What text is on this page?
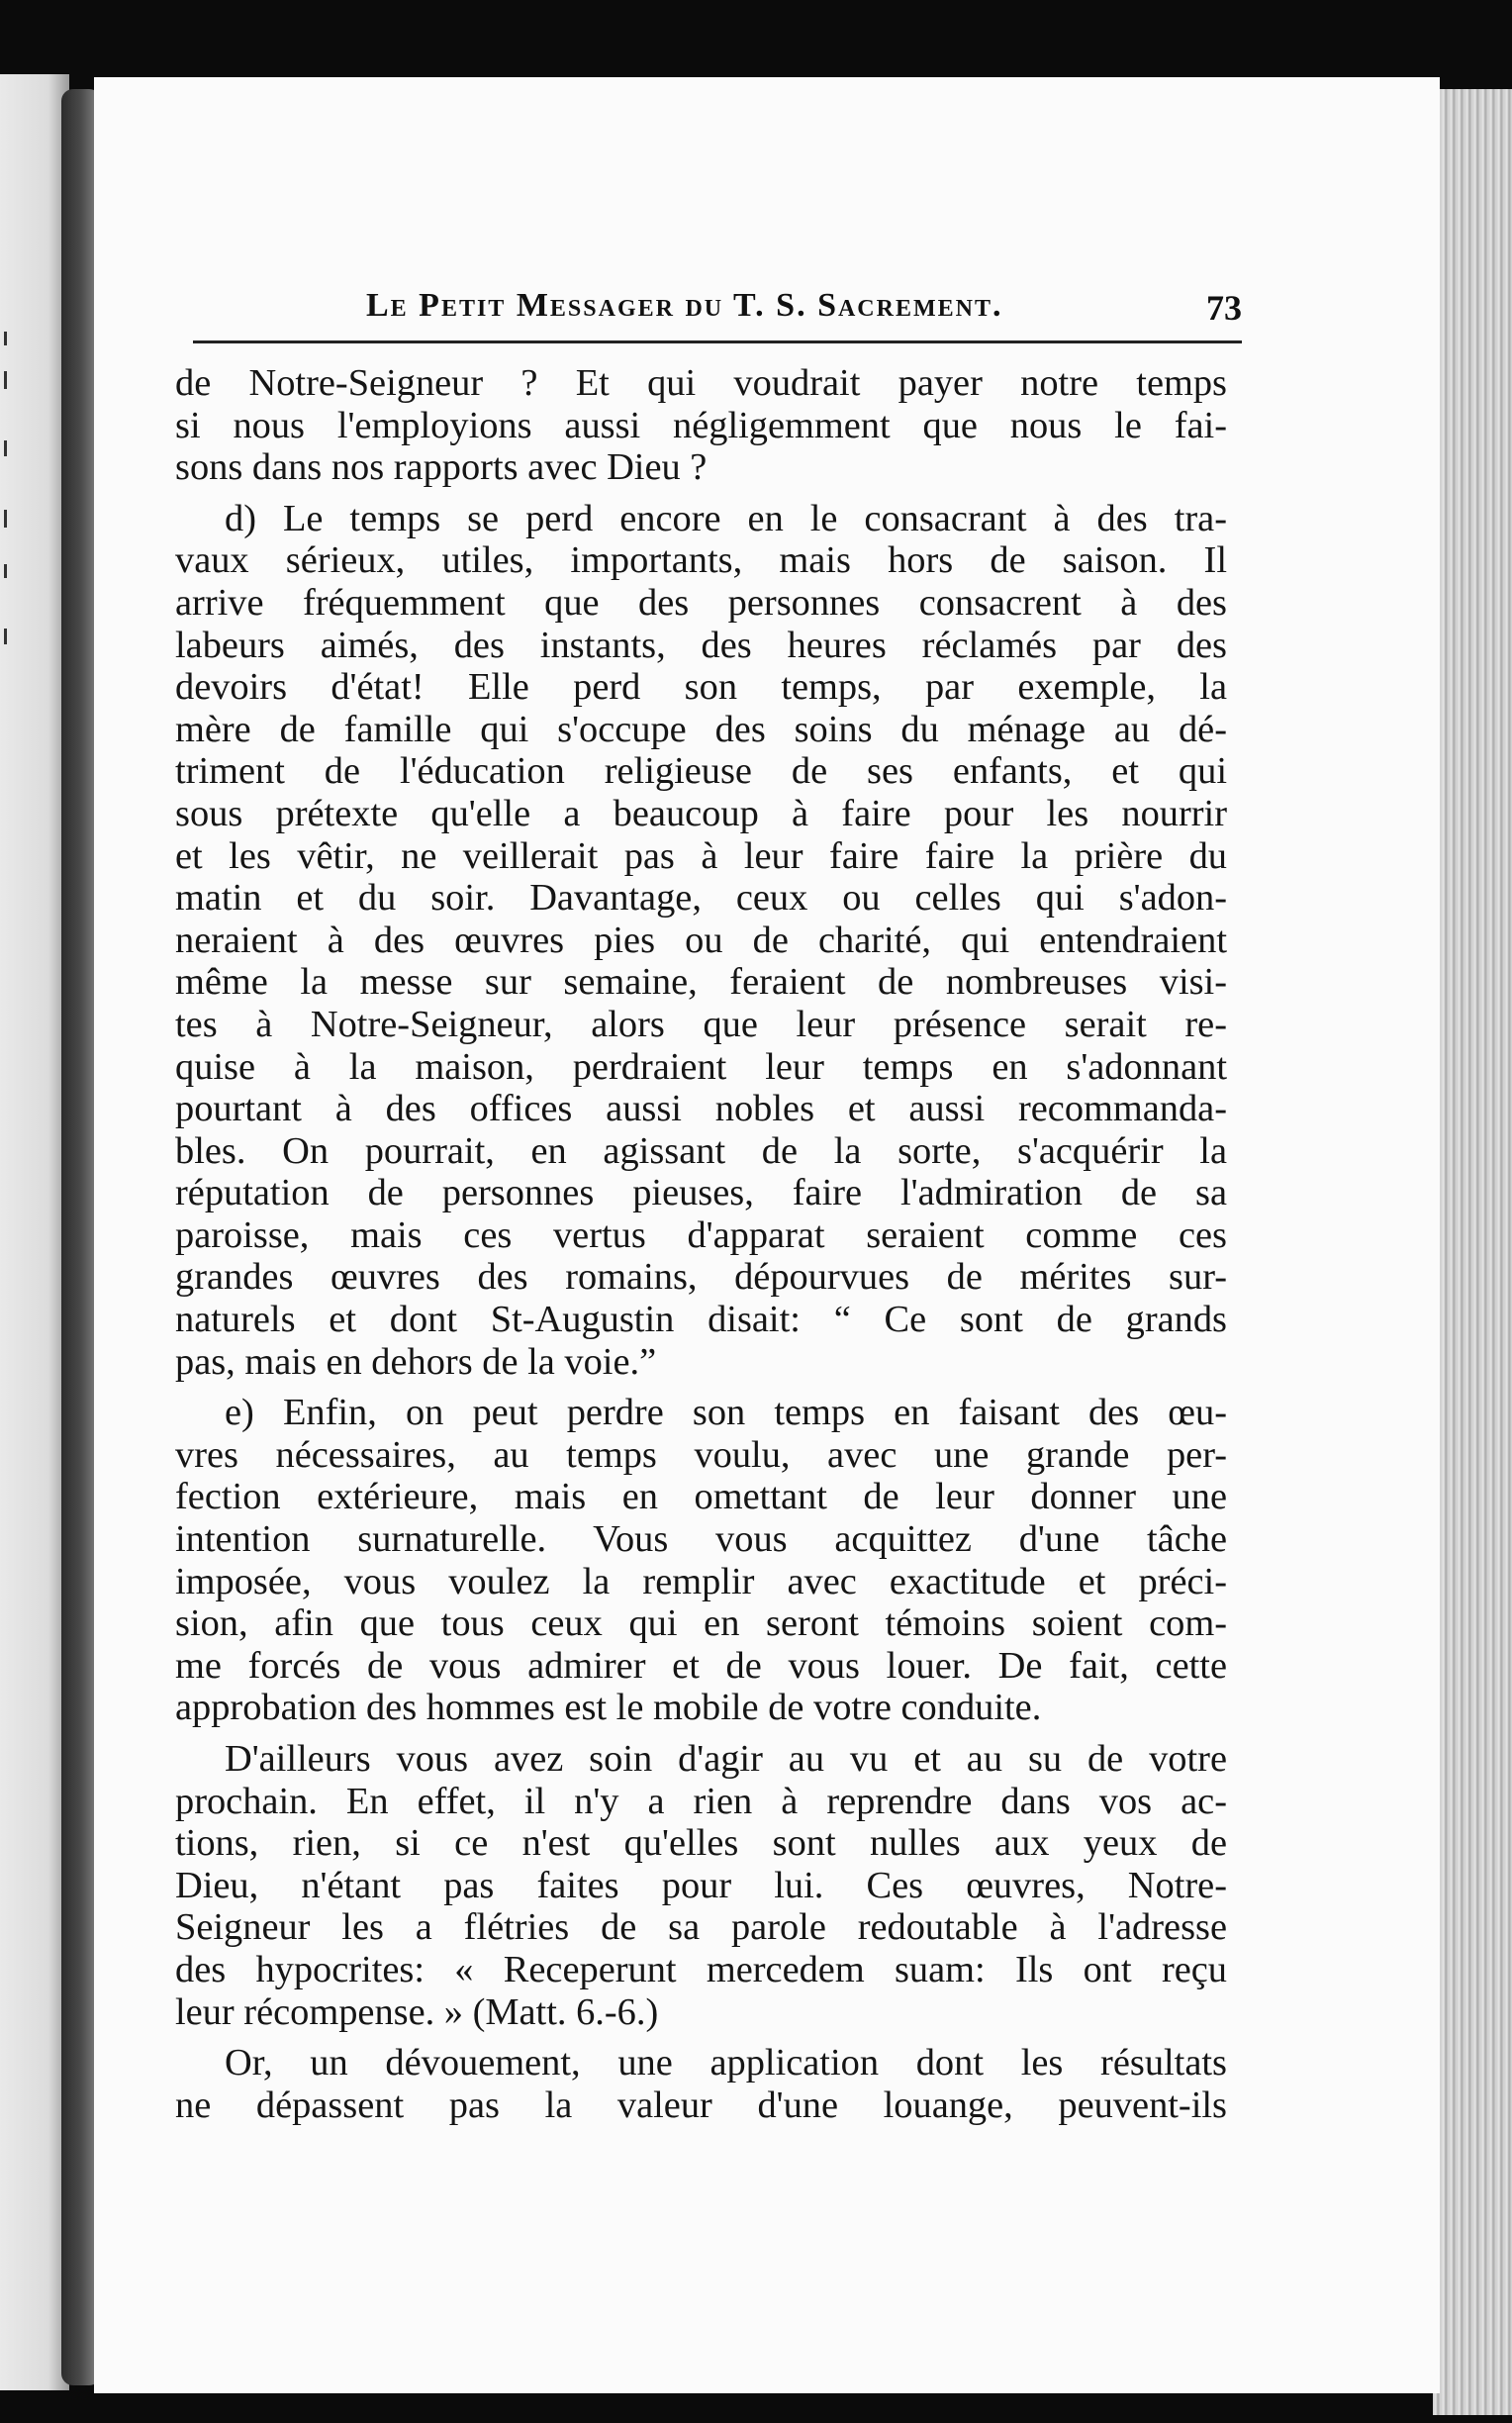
Le Petit Messager du T. S. Sacrement.	73

de Notre-Seigneur ? Et qui voudrait payer notre temps
si nous l'employions aussi négligemment que nous le fai-
sons dans nos rapports avec Dieu ?

d) Le temps se perd encore en le consacrant à des tra-
vaux sérieux, utiles, importants, mais hors de saison. Il
arrive fréquemment que des personnes consacrent à des
labeurs aimés, des instants, des heures réclamés par des
devoirs d'état! Elle perd son temps, par exemple, la
mère de famille qui s'occupe des soins du ménage au dé-
triment de l'éducation religieuse de ses enfants, et qui
sous prétexte qu'elle a beaucoup à faire pour les nourrir
et les vêtir, ne veillerait pas à leur faire faire la prière du
matin et du soir. Davantage, ceux ou celles qui s'adon-
neraient à des œuvres pies ou de charité, qui entendraient
même la messe sur semaine, feraient de nombreuses visi-
tes à Notre-Seigneur, alors que leur présence serait re-
quise à la maison, perdraient leur temps en s'adonnant
pourtant à des offices aussi nobles et aussi recommanda-
bles. On pourrait, en agissant de la sorte, s'acquérir la
réputation de personnes pieuses, faire l'admiration de sa
paroisse, mais ces vertus d'apparat seraient comme ces
grandes œuvres des romains, dépourvues de mérites sur-
naturels et dont St-Augustin disait: “ Ce sont de grands
pas, mais en dehors de la voie.”

e) Enfin, on peut perdre son temps en faisant des œu-
vres nécessaires, au temps voulu, avec une grande per-
fection extérieure, mais en omettant de leur donner une
intention surnaturelle. Vous vous acquittez d'une tâche
imposée, vous voulez la remplir avec exactitude et préci-
sion, afin que tous ceux qui en seront témoins soient com-
me forcés de vous admirer et de vous louer. De fait, cette
approbation des hommes est le mobile de votre conduite.

D'ailleurs vous avez soin d'agir au vu et au su de votre
prochain. En effet, il n'y a rien à reprendre dans vos ac-
tions, rien, si ce n'est qu'elles sont nulles aux yeux de
Dieu, n'étant pas faites pour lui. Ces œuvres, Notre-
Seigneur les a flétries de sa parole redoutable à l'adresse
des hypocrites: « Receperunt mercedem suam: Ils ont reçu
leur récompense. » (Matt. 6.-6.)

Or, un dévouement, une application dont les résultats
ne dépassent pas la valeur d'une louange, peuvent-ils
